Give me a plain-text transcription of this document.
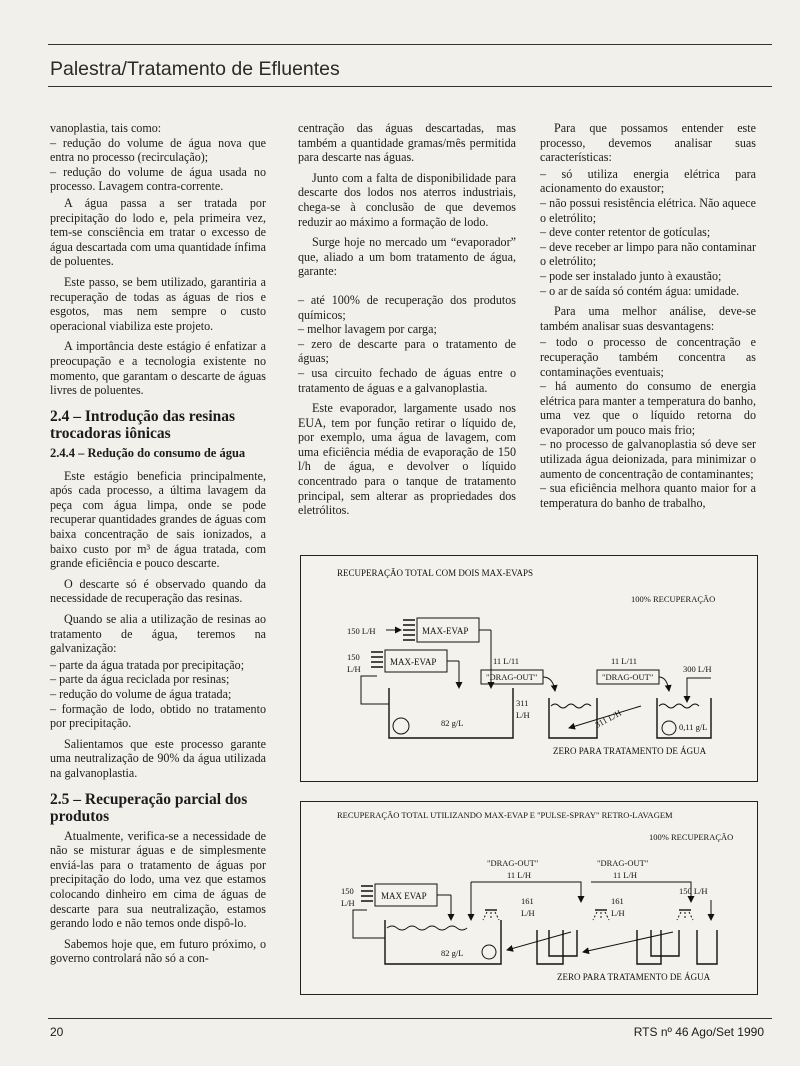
Palestra/Tratamento de Efluentes

vanoplastia, tais como:

– redução do volume de água nova que entra no processo (recirculação);

– redução do volume de água usada no processo. Lavagem contra-corrente.

A água passa a ser tratada por precipitação do lodo e, pela primeira vez, tem-se consciência em tratar o excesso de água descartada com uma quantidade ínfima de poluentes.

Este passo, se bem utilizado, garantiria a recuperação de todas as águas de rios e esgotos, mas nem sempre o custo operacional viabiliza este projeto.

A importância deste estágio é enfatizar a preocupação e a tecnologia existente no momento, que garantam o descarte de águas livres de poluentes.

2.4 – Introdução das resinas trocadoras iônicas
2.4.4 – Redução do consumo de água

Este estágio beneficia principalmente, após cada processo, a última lavagem da peça com água limpa, onde se pode recuperar quantidades grandes de águas com baixa concentração de sais ionizados, a baixo custo por m³ de água tratada, com grande eficiência e pouco descarte.

O descarte só é observado quando da necessidade de recuperação das resinas.

Quando se alia a utilização de resinas ao tratamento de água, teremos na galvanização:

– parte da água tratada por precipitação;

– parte da água reciclada por resinas;

– redução do volume de água tratada;

– formação de lodo, obtido no tratamento por precipitação.

Salientamos que este processo garante uma neutralização de 90% da água utilizada na galvanoplastia.

2.5 – Recuperação parcial dos produtos

Atualmente, verifica-se a necessidade de não se misturar águas e de simplesmente enviá-las para o tratamento de águas por precipitação do lodo, uma vez que estamos colocando dinheiro em cima de águas de descarte para sua neutralização, estamos gerando lodo e não temos onde dispô-lo.

Sabemos hoje que, em futuro próximo, o governo controlará não só a con-

centração das águas descartadas, mas também a quantidade gramas/mês permitida para descarte nas águas.

Junto com a falta de disponibilidade para descarte dos lodos nos aterros industriais, chega-se à conclusão de que devemos reduzir ao máximo a formação de lodo.

Surge hoje no mercado um “evaporador” que, aliado a um bom tratamento de água, garante:

– até 100% de recuperação dos produtos químicos;

– melhor lavagem por carga;

– zero de descarte para o tratamento de águas;

– usa circuito fechado de águas entre o tratamento de águas e a galvanoplastia.

Este evaporador, largamente usado nos EUA, tem por função retirar o líquido de, por exemplo, uma água de lavagem, com uma eficiência média de evaporação de 150 l/h de água, e devolver o líquido concentrado para o tanque de tratamento principal, sem alterar as propriedades dos eletrólitos.

Para que possamos entender este processo, devemos analisar suas características:

– só utiliza energia elétrica para acionamento do exaustor;

– não possui resistência elétrica. Não aquece o eletrólito;

– deve conter retentor de gotículas;

– deve receber ar limpo para não contaminar o eletrólito;

– pode ser instalado junto à exaustão;

– o ar de saída só contém água: umidade.

Para uma melhor análise, deve-se também analisar suas desvantagens:

– todo o processo de concentração e recuperação também concentra as contaminações eventuais;

– há aumento do consumo de energia elétrica para manter a temperatura do banho, uma vez que o líquido retorna do evaporador um pouco mais frio;

– no processo de galvanoplastia só deve ser utilizada água deionizada, para minimizar o aumento de concentração de contaminantes;

– sua eficiência melhora quanto maior for a temperatura do banho de trabalho,

RECUPERAÇÃO TOTAL COM DOIS MAX-EVAPS
100% RECUPERAÇÃO
150 L/H	MAX-EVAP
150
L/H
MAX-EVAP
82 g/L
11 L/11
"DRAG-OUT"
11 L/11
"DRAG-OUT"
300 L/H
311
L/H	311 L/H	0,11 g/L
ZERO PARA TRATAMENTO DE ÁGUA
RECUPERAÇÃO TOTAL UTILIZANDO MAX-EVAP E "PULSE-SPRAY" RETRO-LAVAGEM
100% RECUPERAÇÃO
150
L/H
MAX EVAP
82 g/L
"DRAG-OUT"
11 L/H
"DRAG-OUT"
11 L/H
161
L/H
161
L/H
150 L/H
ZERO PARA TRATAMENTO DE ÁGUA
20	RTS nº 46 Ago/Set 1990
